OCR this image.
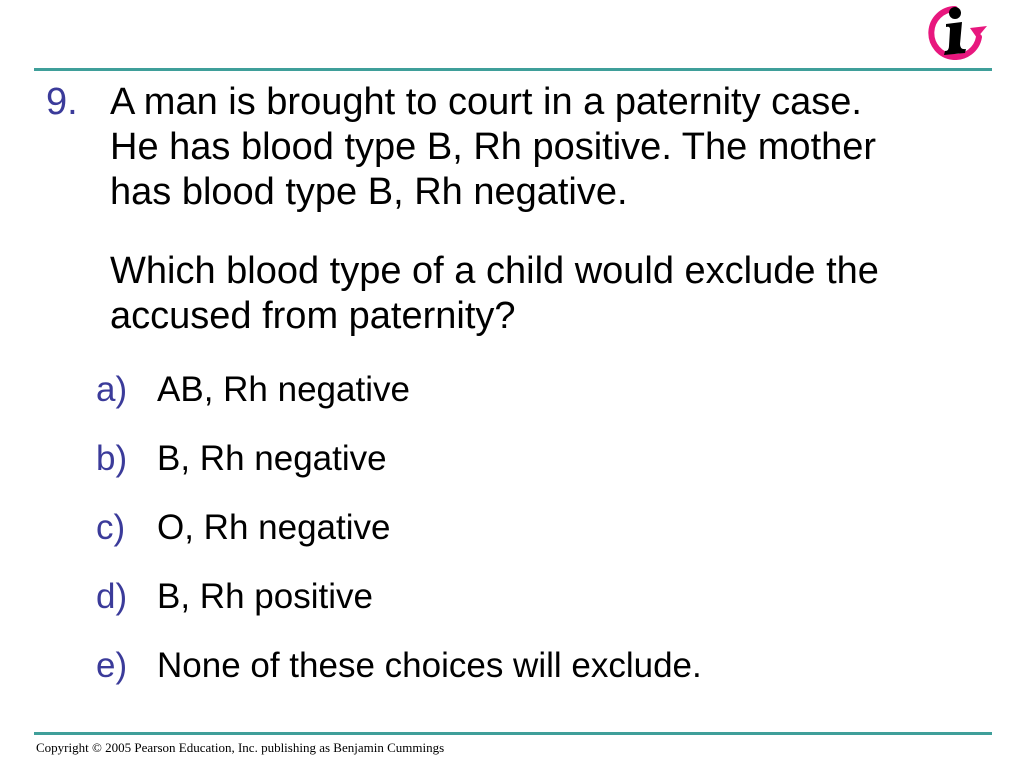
9. A man is brought to court in a paternity case.
He has blood type B, Rh positive. The mother
has blood type B, Rh negative.
Which blood type of a child would exclude the
accused from paternity?
a) AB, Rh negative
b) B, Rh negative
c) O, Rh negative
d) B, Rh positive
e) None of these choices will exclude.
Copyright © 2005 Pearson Education, Inc. publishing as Benjamin Cummings
